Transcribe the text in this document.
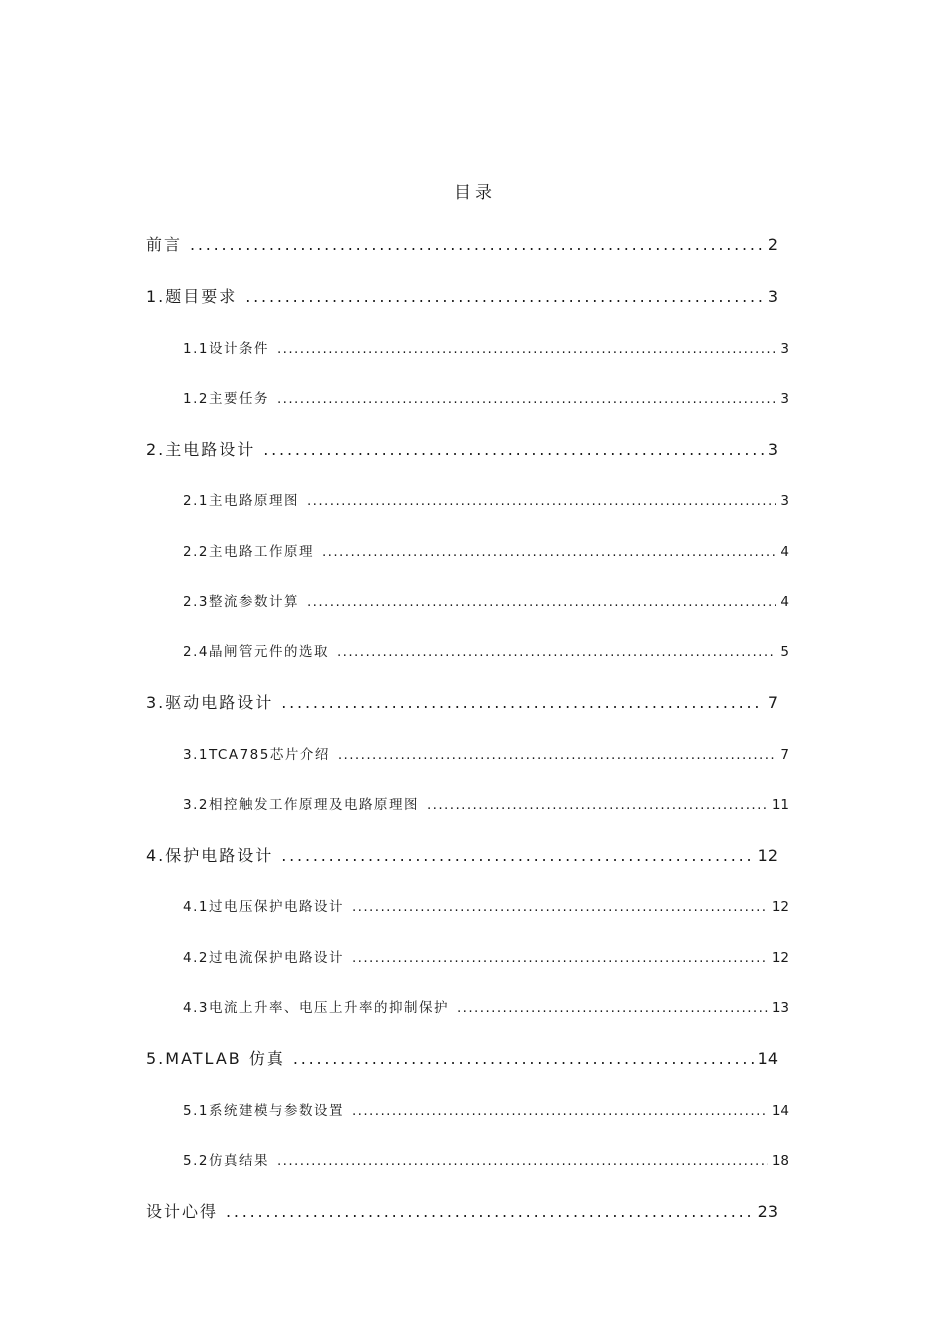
目录
前言 .....	2
1.题目要求 .....	3
1.1设计条件 .....	3
1.2主要任务 .....	3
2.主电路设计 .....	3
2.1主电路原理图 .....	3
2.2主电路工作原理 .....	4
2.3整流参数计算 .....	4
2.4晶闸管元件的选取 .....	5
3.驱动电路设计 .....	7
3.1TCA785芯片介绍 .....	7
3.2相控触发工作原理及电路原理图 .....	11
4.保护电路设计 .....	12
4.1过电压保护电路设计 .....	12
4.2过电流保护电路设计 .....	12
4.3电流上升率、电压上升率的抑制保护 .....	13
5.MATLAB 仿真 .....	14
5.1系统建模与参数设置 .....	14
5.2仿真结果 .....	18
设计心得 .....	23
